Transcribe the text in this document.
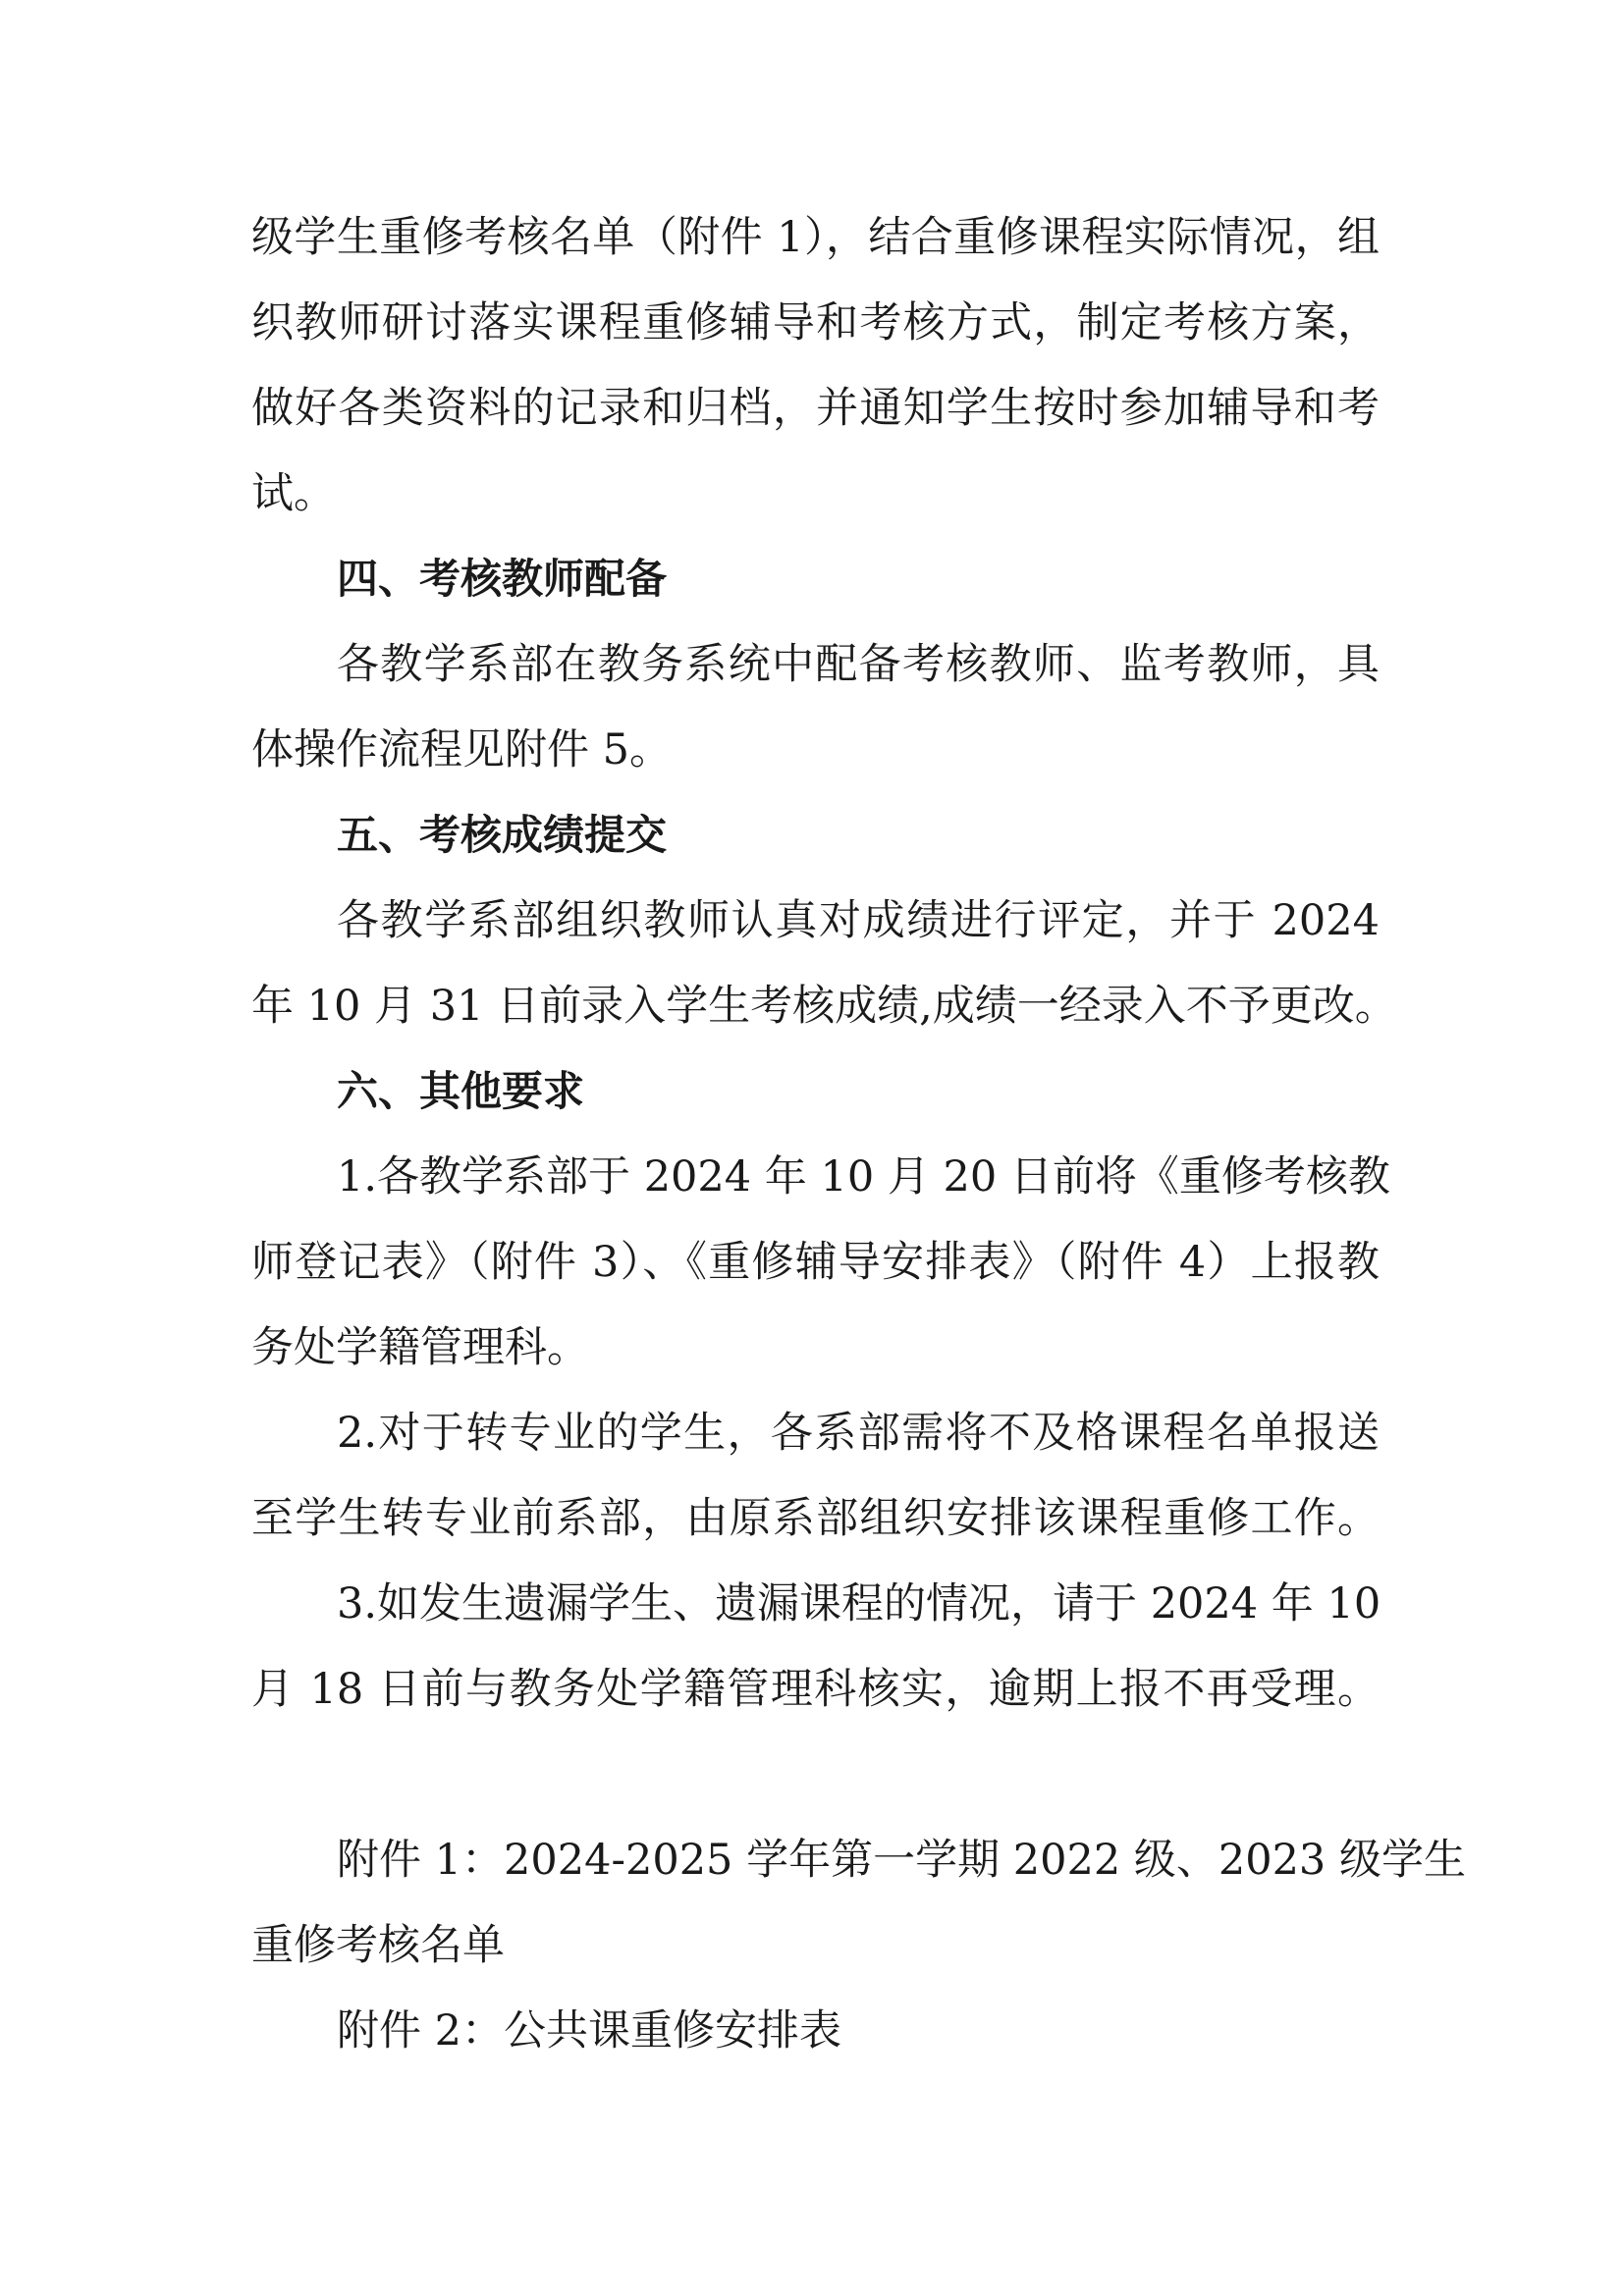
级学生重修考核名单（附件 1），结合重修课程实际情况，组
织教师研讨落实课程重修辅导和考核方式，制定考核方案，
做好各类资料的记录和归档，并通知学生按时参加辅导和考
试。
四、考核教师配备
各教学系部在教务系统中配备考核教师、监考教师，具
体操作流程见附件 5。
五、考核成绩提交
各教学系部组织教师认真对成绩进行评定，并于 2024
年 10 月 31 日前录入学生考核成绩,成绩一经录入不予更改。
六、其他要求
1.各教学系部于 2024 年 10 月 20 日前将《重修考核教
师登记表》（附件 3）、《重修辅导安排表》（附件 4）上报教
务处学籍管理科。
2.对于转专业的学生，各系部需将不及格课程名单报送
至学生转专业前系部，由原系部组织安排该课程重修工作。
3.如发生遗漏学生、遗漏课程的情况，请于 2024 年 10
月 18 日前与教务处学籍管理科核实，逾期上报不再受理。
附件 1：2024-2025 学年第一学期 2022 级、2023 级学生
重修考核名单
附件 2：公共课重修安排表
